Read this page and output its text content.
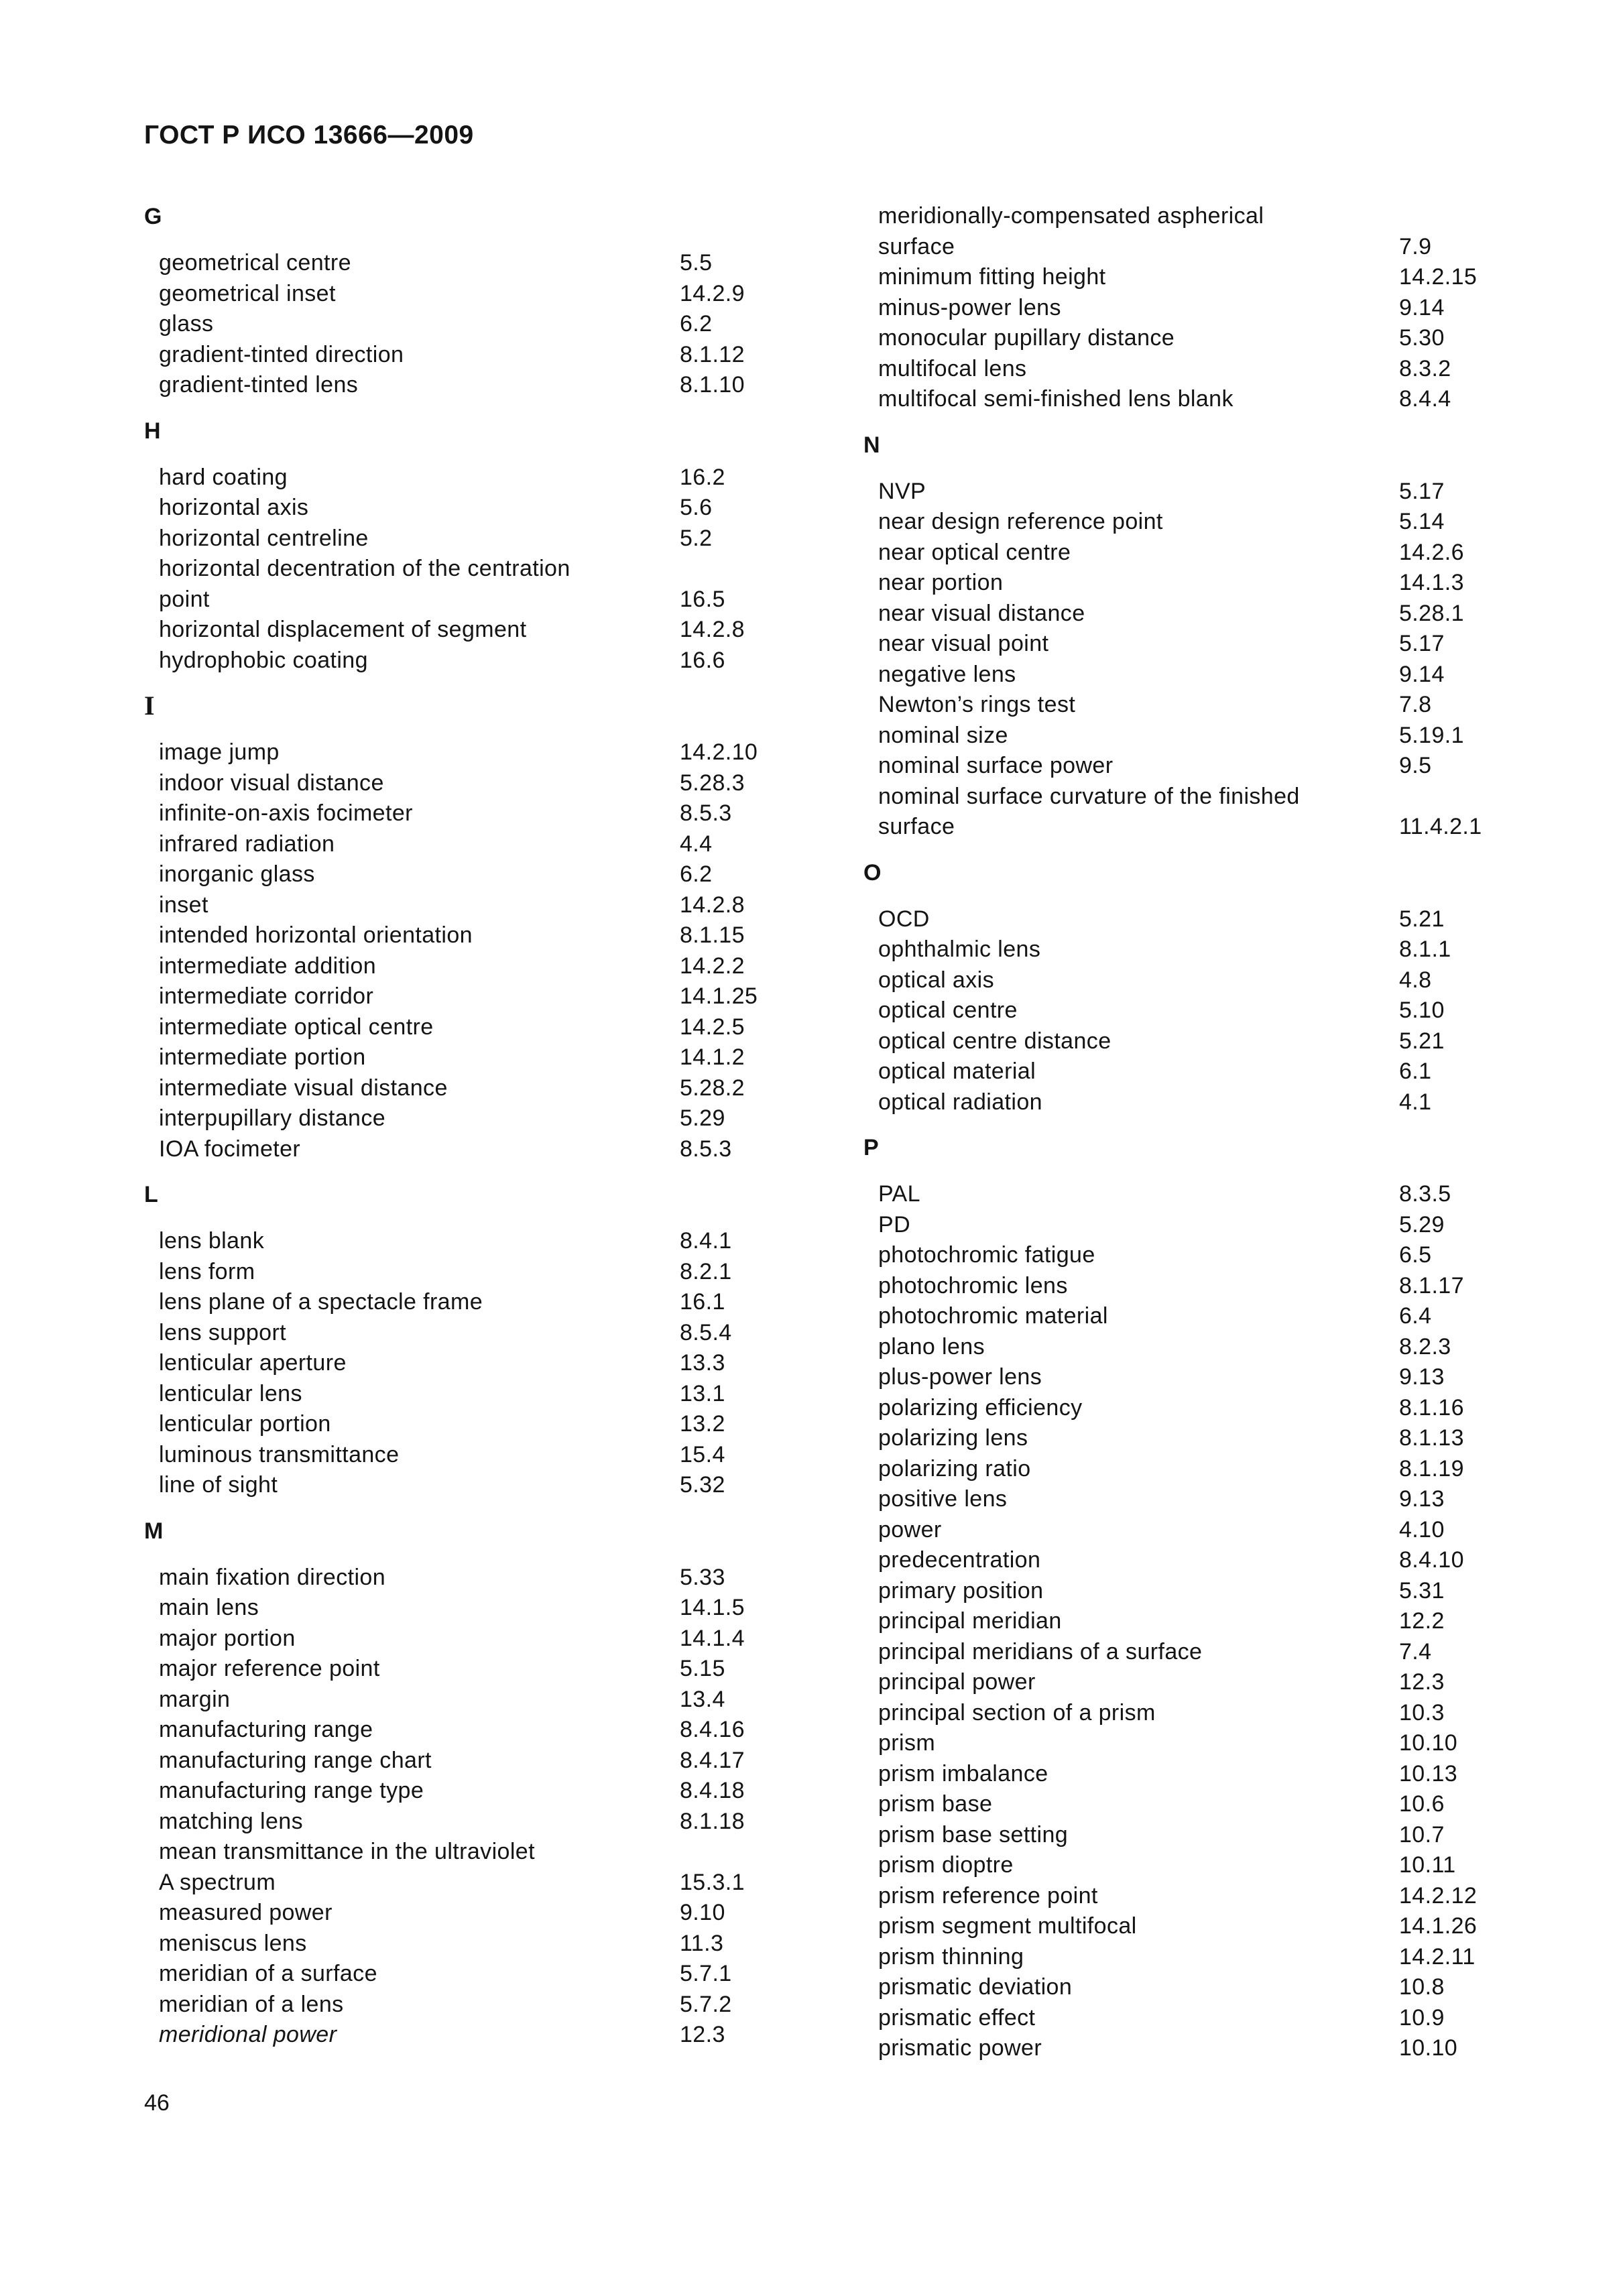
ГОСТ Р ИСО 13666—2009
G
geometrical centre	5.5
geometrical inset	14.2.9
glass	6.2
gradient-tinted direction	8.1.12
gradient-tinted lens	8.1.10
H
hard coating	16.2
horizontal axis	5.6
horizontal centreline	5.2
horizontal decentration of the centration
point	16.5
horizontal displacement of segment	14.2.8
hydrophobic coating	16.6
I
image jump	14.2.10
indoor visual distance	5.28.3
infinite-on-axis focimeter	8.5.3
infrared radiation	4.4
inorganic glass	6.2
inset	14.2.8
intended horizontal orientation	8.1.15
intermediate addition	14.2.2
intermediate corridor	14.1.25
intermediate optical centre	14.2.5
intermediate portion	14.1.2
intermediate visual distance	5.28.2
interpupillary distance	5.29
IOA focimeter	8.5.3
L
lens blank	8.4.1
lens form	8.2.1
lens plane of a spectacle frame	16.1
lens support	8.5.4
lenticular aperture	13.3
lenticular lens	13.1
lenticular portion	13.2
luminous transmittance	15.4
line of sight	5.32
M
main fixation direction	5.33
main lens	14.1.5
major portion	14.1.4
major reference point	5.15
margin	13.4
manufacturing range	8.4.16
manufacturing range chart	8.4.17
manufacturing range type	8.4.18
matching lens	8.1.18
mean transmittance in the ultraviolet
A spectrum	15.3.1
measured power	9.10
meniscus lens	11.3
meridian of a surface	5.7.1
meridian of a lens	5.7.2
meridional power	12.3
meridionally-compensated aspherical
surface	7.9
minimum fitting height	14.2.15
minus-power lens	9.14
monocular pupillary distance	5.30
multifocal lens	8.3.2
multifocal semi-finished lens blank	8.4.4
N
NVP	5.17
near design reference point	5.14
near optical centre	14.2.6
near portion	14.1.3
near visual distance	5.28.1
near visual point	5.17
negative lens	9.14
Newton’s rings test	7.8
nominal size	5.19.1
nominal surface power	9.5
nominal surface curvature of the finished
surface	11.4.2.1
O
OCD	5.21
ophthalmic lens	8.1.1
optical axis	4.8
optical centre	5.10
optical centre distance	5.21
optical material	6.1
optical radiation	4.1
P
PAL	8.3.5
PD	5.29
photochromic fatigue	6.5
photochromic lens	8.1.17
photochromic material	6.4
plano lens	8.2.3
plus-power lens	9.13
polarizing efficiency	8.1.16
polarizing lens	8.1.13
polarizing ratio	8.1.19
positive lens	9.13
power	4.10
predecentration	8.4.10
primary position	5.31
principal meridian	12.2
principal meridians of a surface	7.4
principal power	12.3
principal section of a prism	10.3
prism	10.10
prism imbalance	10.13
prism base	10.6
prism base setting	10.7
prism dioptre	10.11
prism reference point	14.2.12
prism segment multifocal	14.1.26
prism thinning	14.2.11
prismatic deviation	10.8
prismatic effect	10.9
prismatic power	10.10
46
